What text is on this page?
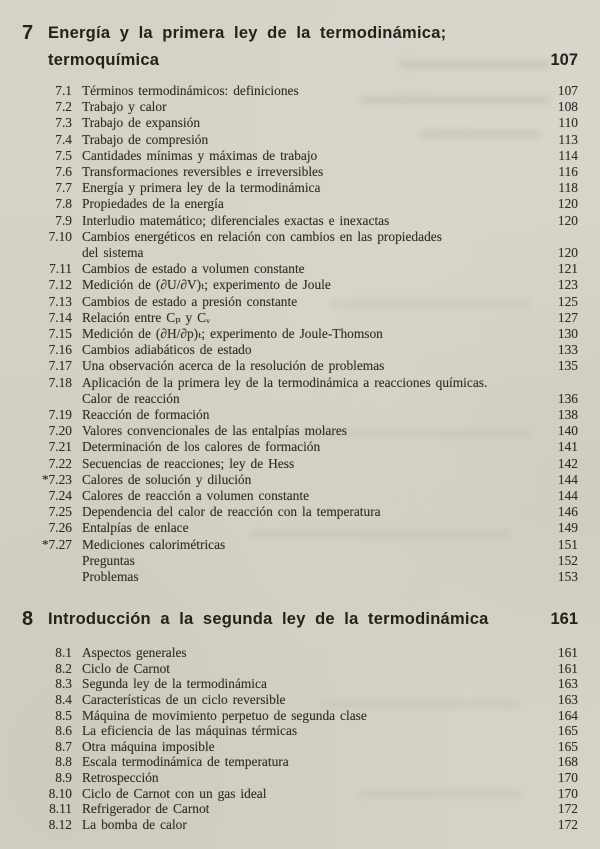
7 Energía y la primera ley de la termodinámica;
termoquímica	107
7.1 Términos termodinámicos: definiciones	107
7.2 Trabajo y calor	108
7.3 Trabajo de expansión	110
7.4 Trabajo de compresión	113
7.5 Cantidades mínimas y máximas de trabajo	114
7.6 Transformaciones reversibles e irreversibles	116
7.7 Energía y primera ley de la termodinámica	118
7.8 Propiedades de la energía	120
7.9 Interludio matemático; diferenciales exactas e inexactas	120
7.10 Cambios energéticos en relación con cambios en las propiedades
del sistema	120
7.11 Cambios de estado a volumen constante	121
7.12 Medición de (∂U/∂V)ₜ; experimento de Joule	123
7.13 Cambios de estado a presión constante	125
7.14 Relación entre Cₚ y Cᵥ	127
7.15 Medición de (∂H/∂p)ₜ; experimento de Joule-Thomson	130
7.16 Cambios adiabáticos de estado	133
7.17 Una observación acerca de la resolución de problemas	135
7.18 Aplicación de la primera ley de la termodinámica a reacciones químicas.
Calor de reacción	136
7.19 Reacción de formación	138
7.20 Valores convencionales de las entalpías molares	140
7.21 Determinación de los calores de formación	141
7.22 Secuencias de reacciones; ley de Hess	142
*7.23 Calores de solución y dilución	144
7.24 Calores de reacción a volumen constante	144
7.25 Dependencia del calor de reacción con la temperatura	146
7.26 Entalpías de enlace	149
*7.27 Mediciones calorimétricas	151
Preguntas	152
Problemas	153
8 Introducción a la segunda ley de la termodinámica	161
8.1 Aspectos generales	161
8.2 Ciclo de Carnot	161
8.3 Segunda ley de la termodinámica	163
8.4 Características de un ciclo reversible	163
8.5 Máquina de movimiento perpetuo de segunda clase	164
8.6 La eficiencia de las máquinas térmicas	165
8.7 Otra máquina imposible	165
8.8 Escala termodinámica de temperatura	168
8.9 Retrospección	170
8.10 Ciclo de Carnot con un gas ideal	170
8.11 Refrigerador de Carnot	172
8.12 La bomba de calor	172
